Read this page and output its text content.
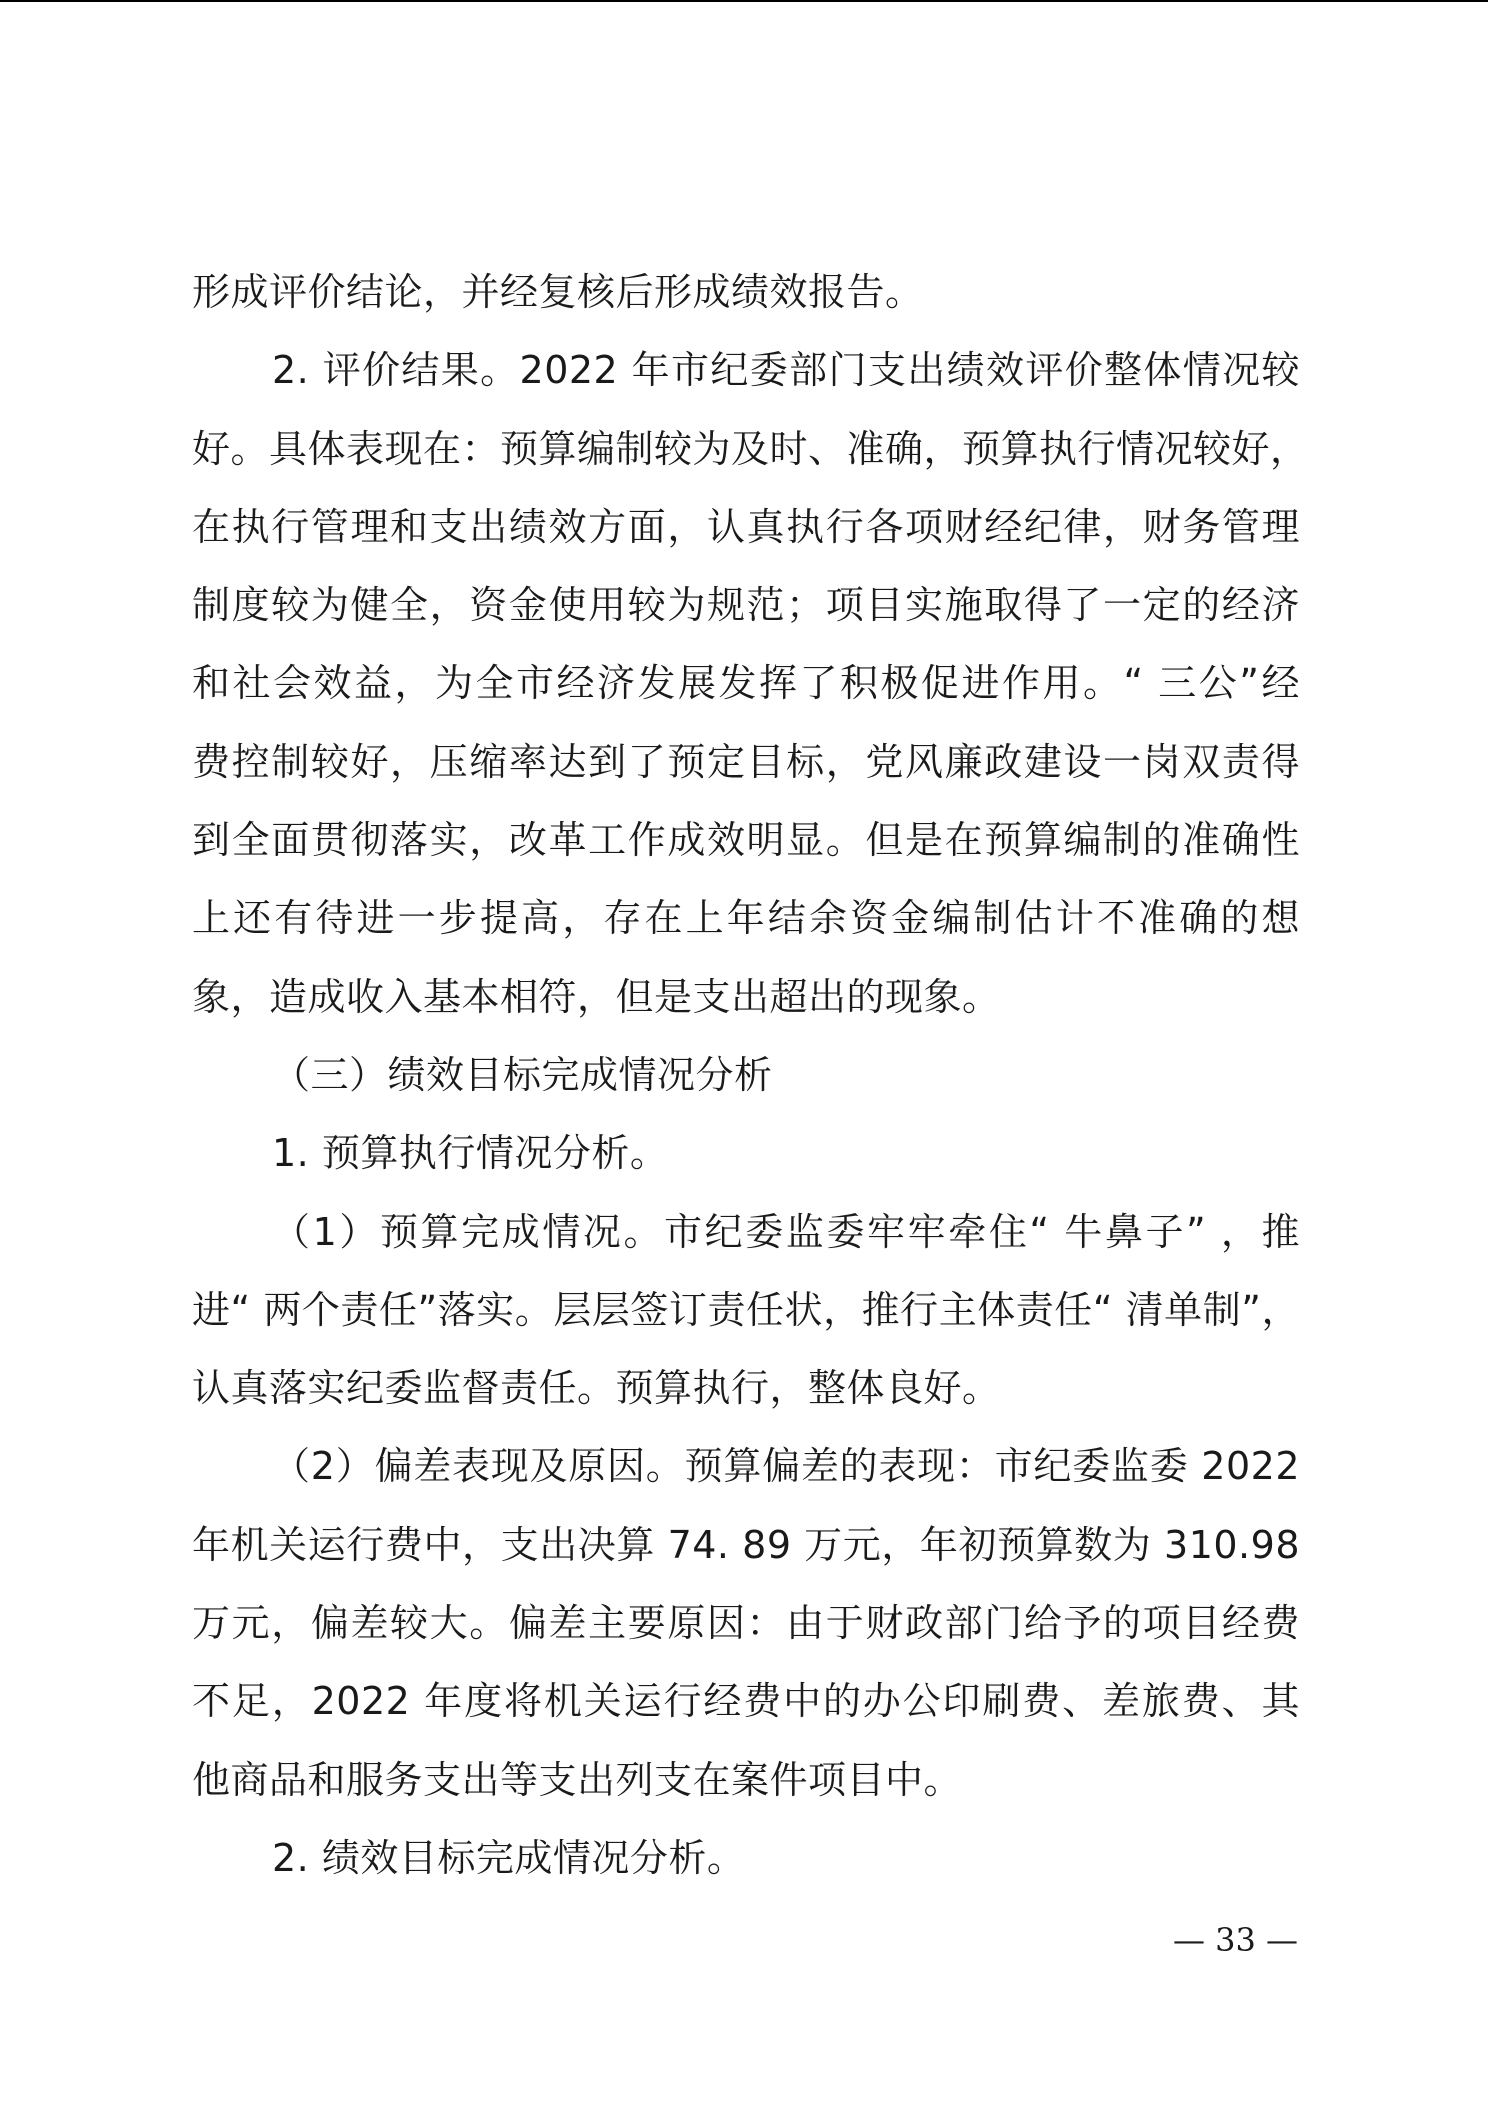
形成评价结论，并经复核后形成绩效报告。
2. 评价结果。2022 年市纪委部门支出绩效评价整体情况较
好。具体表现在：预算编制较为及时、准确，预算执行情况较好，
在执行管理和支出绩效方面，认真执行各项财经纪律，财务管理
制度较为健全，资金使用较为规范；项目实施取得了一定的经济
和社会效益，为全市经济发展发挥了积极促进作用。“ 三公”经
费控制较好，压缩率达到了预定目标，党风廉政建设一岗双责得
到全面贯彻落实，改革工作成效明显。但是在预算编制的准确性
上还有待进一步提高，存在上年结余资金编制估计不准确的想
象，造成收入基本相符，但是支出超出的现象。
（三）绩效目标完成情况分析
1. 预算执行情况分析。
（1）预算完成情况。市纪委监委牢牢牵住“ 牛鼻子” ，推
进“ 两个责任”落实。层层签订责任状，推行主体责任“ 清单制”，
认真落实纪委监督责任。预算执行，整体良好。
（2）偏差表现及原因。预算偏差的表现：市纪委监委 2022
年机关运行费中，支出决算 74. 89 万元，年初预算数为 310.98
万元，偏差较大。偏差主要原因：由于财政部门给予的项目经费
不足，2022 年度将机关运行经费中的办公印刷费、差旅费、其
他商品和服务支出等支出列支在案件项目中。
2. 绩效目标完成情况分析。
— 33 —
